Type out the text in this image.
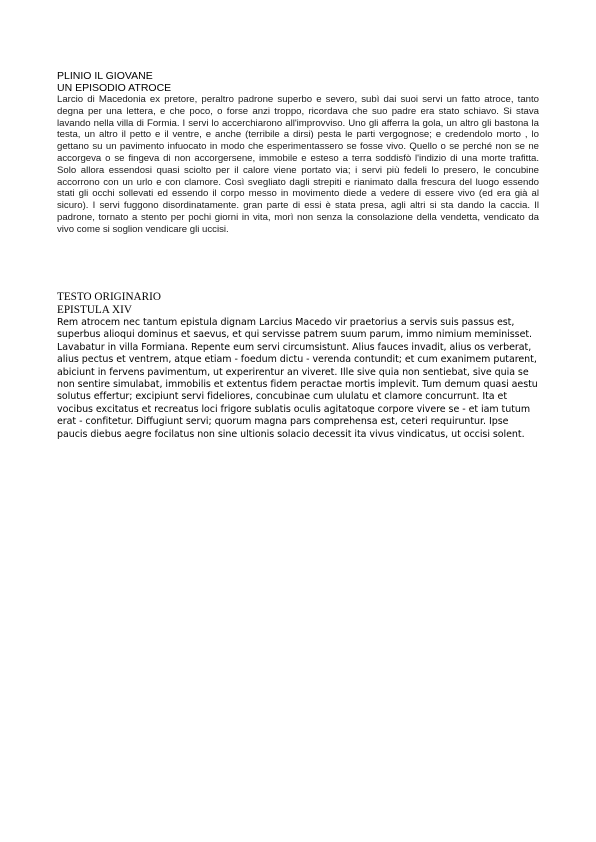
PLINIO IL GIOVANE

UN EPISODIO ATROCE

Larcio di Macedonia ex pretore, peraltro padrone superbo e severo, subì dai suoi servi un fatto atroce, tanto degna per una lettera, e che poco, o forse anzi troppo, ricordava che suo padre era stato schiavo. Si stava lavando nella villa di Formia. I servi lo accerchiarono all'improvviso. Uno gli afferra la gola, un altro gli bastona la testa, un altro il petto e il ventre, e anche (terribile a dirsi) pesta le parti vergognose; e credendolo morto , lo gettano su un pavimento infuocato in modo che esperimentassero se fosse vivo. Quello o se perché non se ne accorgeva o se fingeva di non accorgersene, immobile e esteso a terra soddisfò l'indizio di una morte trafitta. Solo allora essendosi quasi sciolto per il calore viene portato via; i servi più fedeli lo presero, le concubine accorrono con un urlo e con clamore. Così svegliato dagli strepiti e rianimato dalla frescura del luogo essendo stati gli occhi sollevati ed essendo il corpo messo in movimento diede a vedere di essere vivo (ed era già al sicuro). I servi fuggono disordinatamente. gran parte di essi è stata presa, agli altri si sta dando la caccia. Il padrone, tornato a stento per pochi giorni in vita, morì non senza la consolazione della vendetta, vendicato da vivo come si soglion vendicare gli uccisi.

TESTO ORIGINARIO

EPISTULA XIV

Rem atrocem nec tantum epistula dignam Larcius Macedo vir praetorius a servis suis passus est, superbus alioqui dominus et saevus, et qui servisse patrem suum parum, immo nimium meminisset. Lavabatur in villa Formiana. Repente eum servi circumsistunt. Alius fauces invadit, alius os verberat, alius pectus et ventrem, atque etiam - foedum dictu - verenda contundit; et cum exanimem putarent, abiciunt in fervens pavimentum, ut experirentur an viveret. Ille sive quia non sentiebat, sive quia se non sentire simulabat, immobilis et extentus fidem peractae mortis implevit. Tum demum quasi aestu solutus effertur; excipiunt servi fideliores, concubinae cum ululatu et clamore concurrunt. Ita et vocibus excitatus et recreatus loci frigore sublatis oculis agitatoque corpore vivere se - et iam tutum erat - confitetur. Diffugiunt servi; quorum magna pars comprehensa est, ceteri requiruntur. Ipse paucis diebus aegre focilatus non sine ultionis solacio decessit ita vivus vindicatus, ut occisi solent.
